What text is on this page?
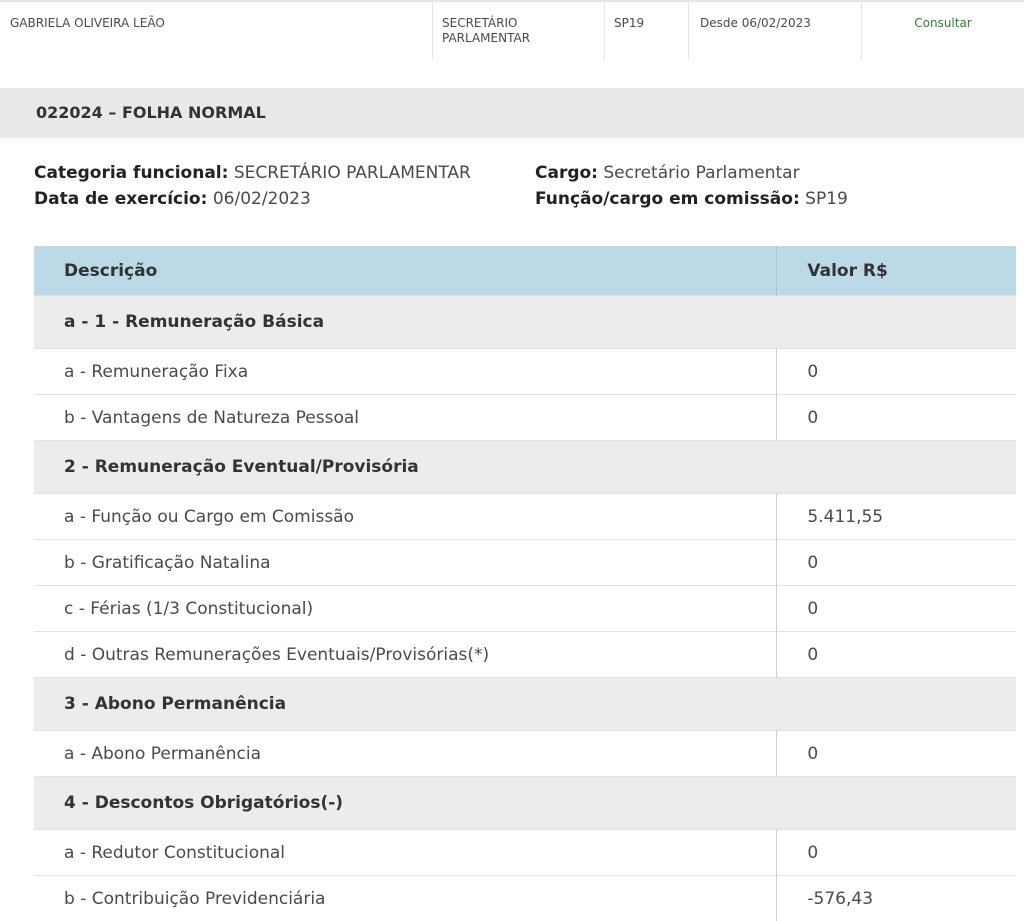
GABRIELA OLIVEIRA LEÃO	SECRETÁRIO
PARLAMENTAR
SP19	Desde 06/02/2023	Consultar
022024 – FOLHA NORMAL
Categoria funcional: SECRETÁRIO PARLAMENTAR
Data de exercício: 06/02/2023
Cargo: Secretário Parlamentar
Função/cargo em comissão: SP19
Descrição	Valor R$
a - 1 - Remuneração Básica	
a - Remuneração Fixa	0
b - Vantagens de Natureza Pessoal	0
2 - Remuneração Eventual/Provisória	
a - Função ou Cargo em Comissão	5.411,55
b - Gratificação Natalina	0
c - Férias (1/3 Constitucional)	0
d - Outras Remunerações Eventuais/Provisórias(*)	0
3 - Abono Permanência	
a - Abono Permanência	0
4 - Descontos Obrigatórios(-)	
a - Redutor Constitucional	0
b - Contribuição Previdenciária	-576,43
